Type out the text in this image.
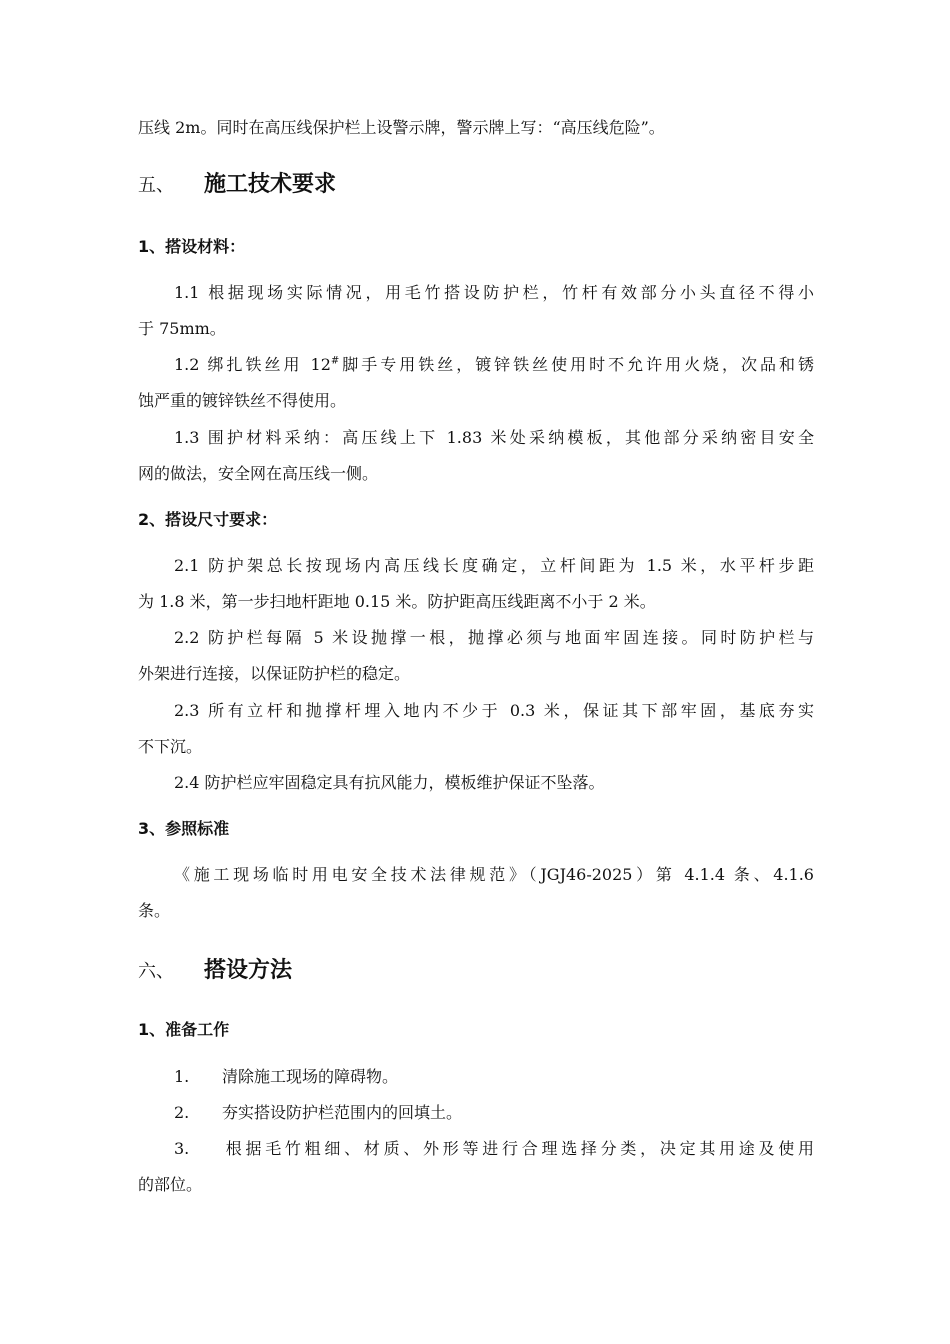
压线 2m。同时在高压线保护栏上设警示牌，警示牌上写：“高压线危险”。
五、 施工技术要求
1、搭设材料：
1.1 根据现场实际情况，用毛竹搭设防护栏，竹杆有效部分小头直径不得小
于 75mm。
1.2 绑扎铁丝用 12#脚手专用铁丝，镀锌铁丝使用时不允许用火烧，次品和锈
蚀严重的镀锌铁丝不得使用。
1.3 围护材料采纳：高压线上下 1.83 米处采纳模板，其他部分采纳密目安全
网的做法，安全网在高压线一侧。
2、搭设尺寸要求：
2.1 防护架总长按现场内高压线长度确定，立杆间距为 1.5 米，水平杆步距
为 1.8 米，第一步扫地杆距地 0.15 米。防护距高压线距离不小于 2 米。
2.2 防护栏每隔 5 米设抛撑一根，抛撑必须与地面牢固连接。同时防护栏与
外架进行连接，以保证防护栏的稳定。
2.3 所有立杆和抛撑杆埋入地内不少于 0.3 米，保证其下部牢固，基底夯实
不下沉。
2.4 防护栏应牢固稳定具有抗风能力，模板维护保证不坠落。
3、参照标准
《施工现场临时用电安全技术法律规范》（JGJ46-2025）第 4.1.4 条、4.1.6
条。
六、 搭设方法
1、准备工作
1. 清除施工现场的障碍物。
2. 夯实搭设防护栏范围内的回填土。
3. 根据毛竹粗细、材质、外形等进行合理选择分类，决定其用途及使用
的部位。
